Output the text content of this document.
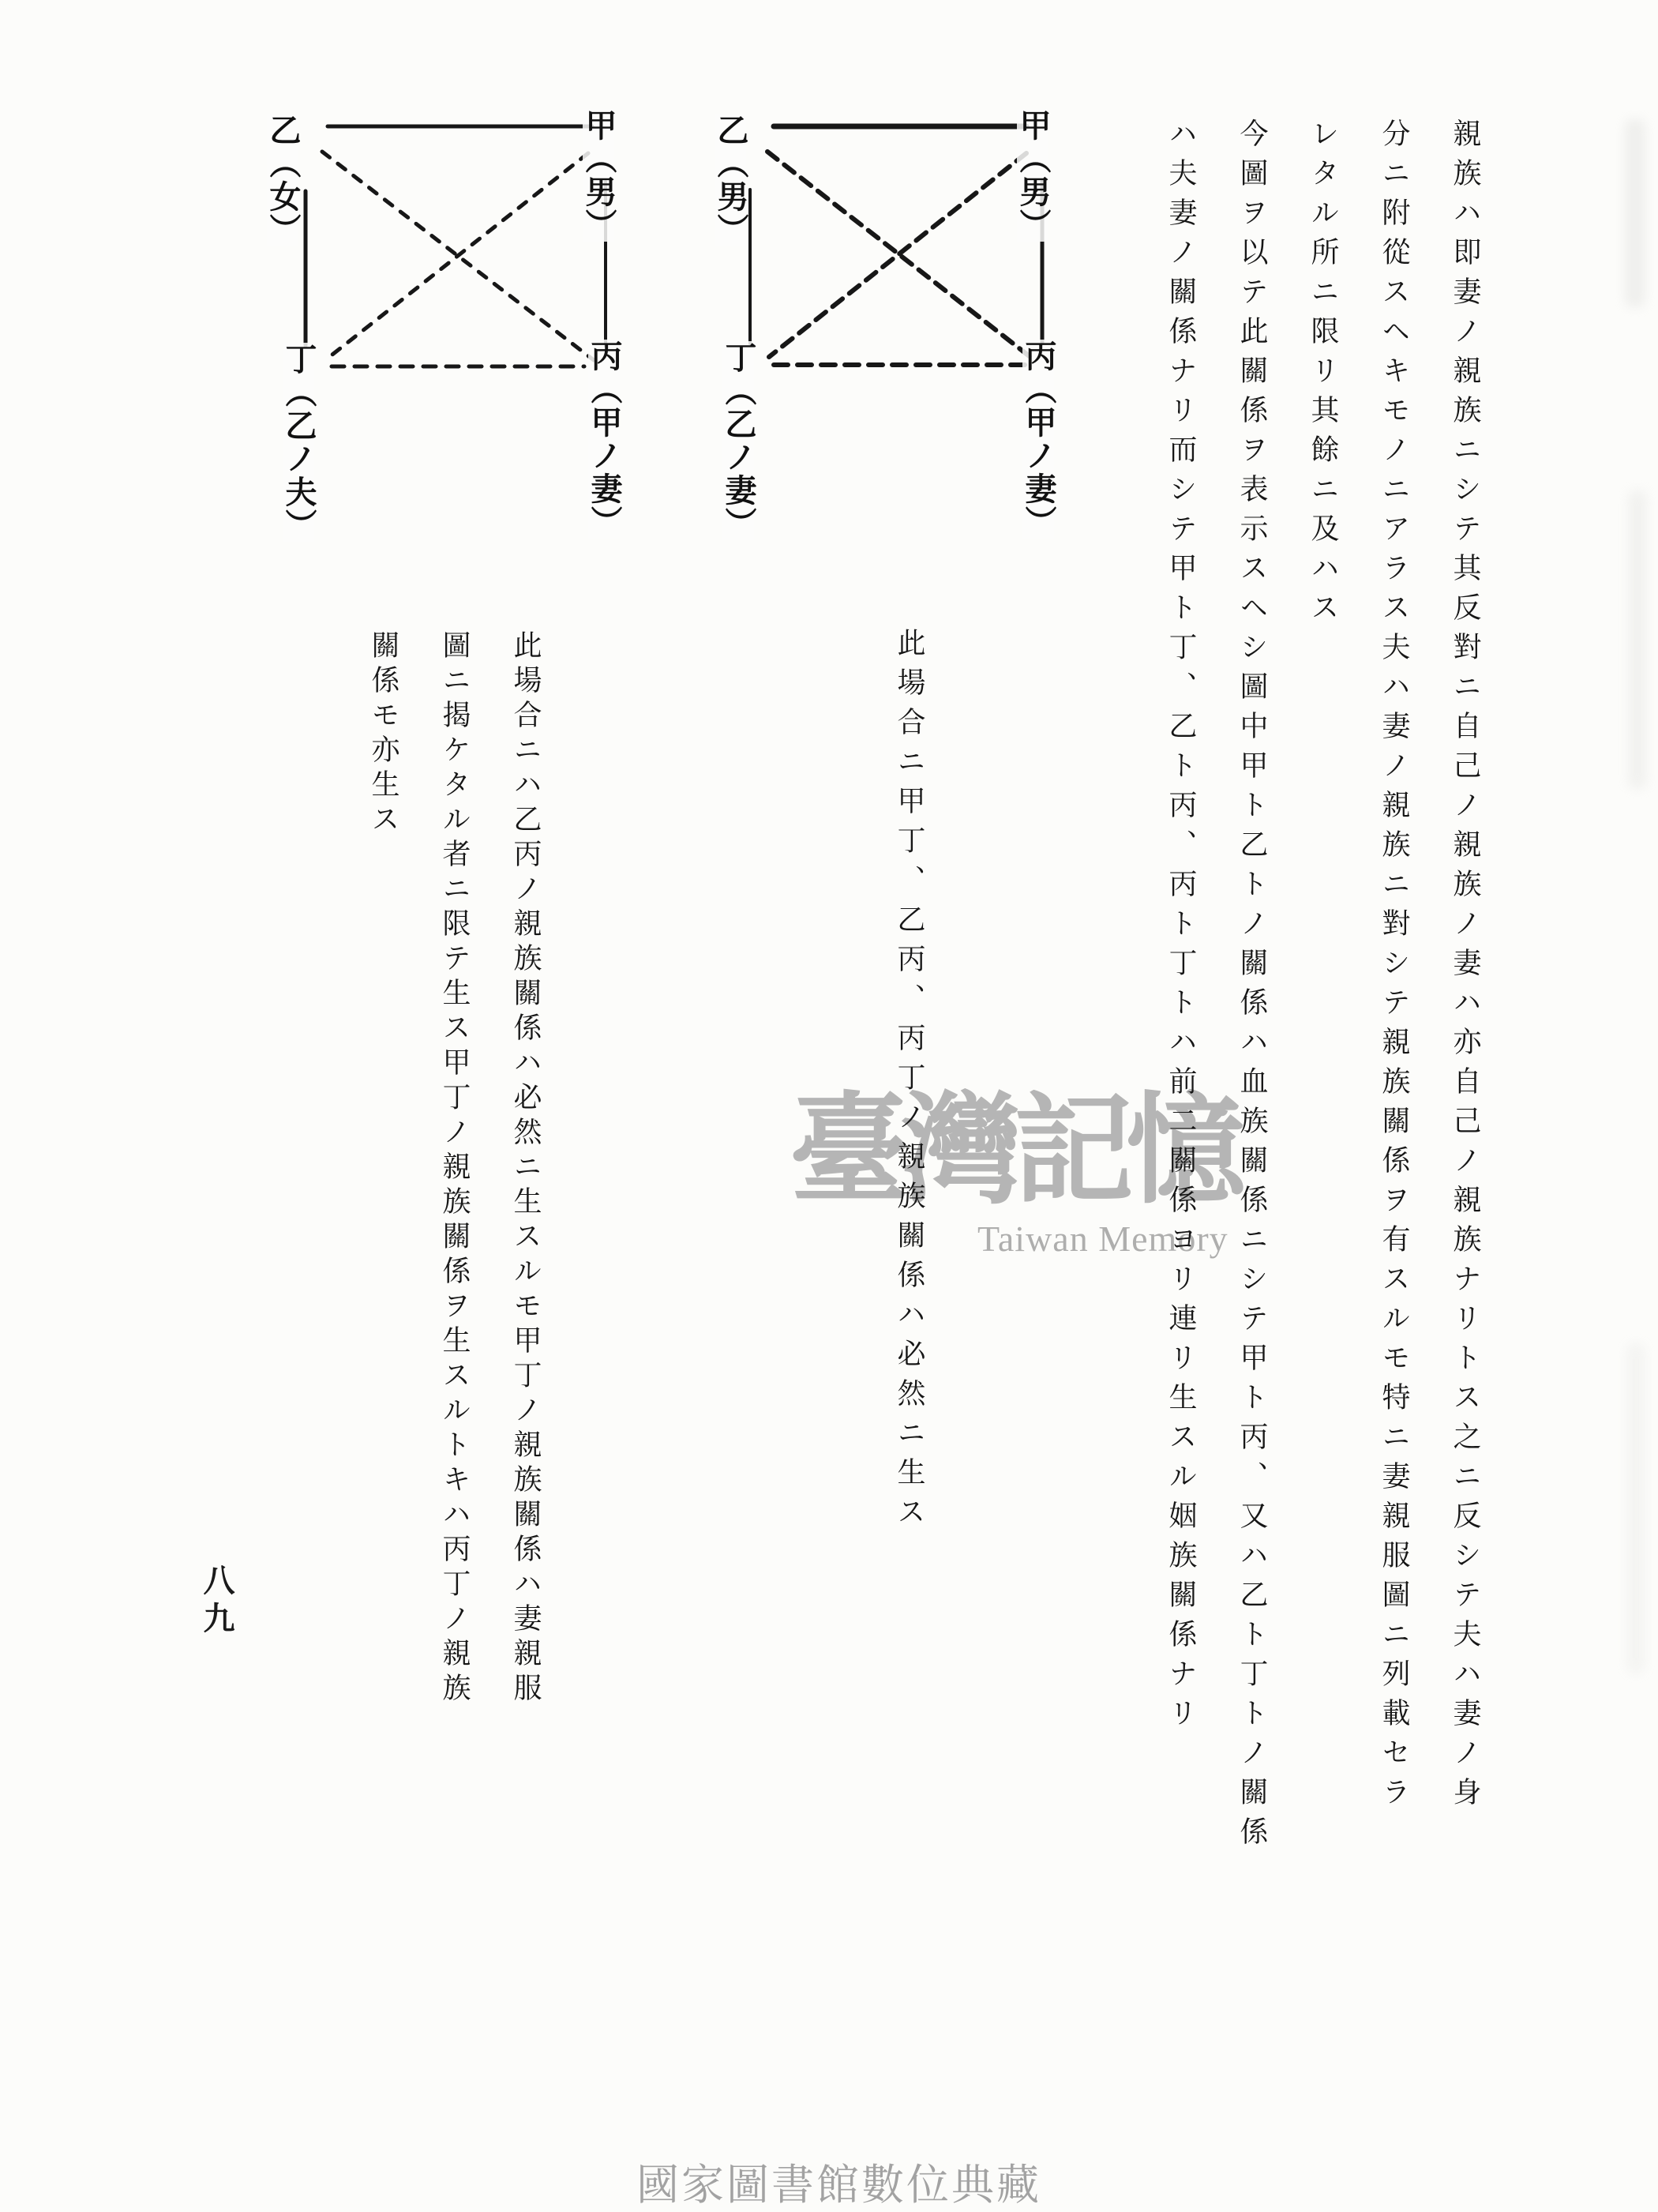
臺灣記憶
Taiwan Memory	親族ハ即妻ノ親族ニシテ其反對ニ自己ノ親族ノ妻ハ亦自己ノ親族ナリトス之ニ反シテ夫ハ妻ノ身
分ニ附從スヘキモノニアラス夫ハ妻ノ親族ニ對シテ親族關係ヲ有スルモ特ニ妻親服圖ニ列載セラ
レタル所ニ限リ其餘ニ及ハス
今圖ヲ以テ此關係ヲ表示スヘシ圖中甲ト乙トノ關係ハ血族關係ニシテ甲ト丙、又ハ乙ト丁トノ關係
ハ夫妻ノ關係ナリ而シテ甲ト丁、乙ト丙、丙ト丁トハ前二關係ヨリ連リ生スル姻族關係ナリ
乙︵男︶	甲︵男︶
丁︵乙ノ妻︶	丙︵甲ノ妻︶
乙︵女︶	甲︵男︶
丁︵乙ノ夫︶	丙︵甲ノ妻︶
此場合ニ甲丁、乙丙、丙丁ノ親族關係ハ必然ニ生ス
此場合ニハ乙丙ノ親族關係ハ必然ニ生スルモ甲丁ノ親族關係ハ妻親服
圖ニ揭ケタル者ニ限テ生ス甲丁ノ親族關係ヲ生スルトキハ丙丁ノ親族
關係モ亦生ス
八九
國家圖書館數位典藏
